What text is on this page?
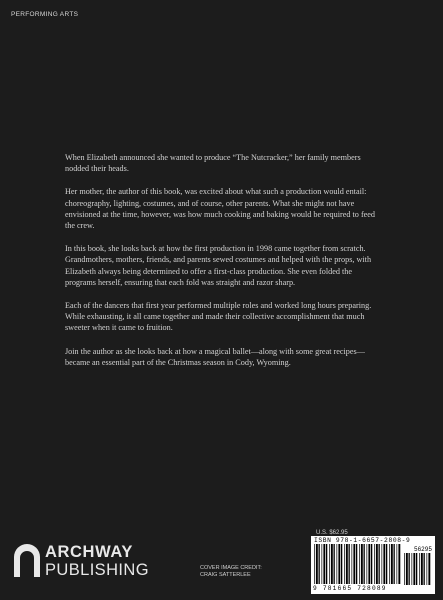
PERFORMING ARTS

When Elizabeth announced she wanted to produce “The Nutcracker,” her family members nodded their heads.

Her mother, the author of this book, was excited about what such a production would entail: choreography, lighting, costumes, and of course, other parents. What she might not have envisioned at the time, however, was how much cooking and baking would be required to feed the crew.

In this book, she looks back at how the first production in 1998 came together from scratch. Grandmothers, mothers, friends, and parents sewed costumes and helped with the props, with Elizabeth always being determined to offer a first-class production. She even folded the programs herself, ensuring that each fold was straight and razor sharp.

Each of the dancers that first year performed multiple roles and worked long hours preparing. While exhausting, it all came together and made their collective accomplishment that much sweeter when it came to fruition.

Join the author as she looks back at how a magical ballet—along with some great recipes—became an essential part of the Christmas season in Cody, Wyoming.

ARCHWAY
PUBLISHING	COVER IMAGE CREDIT:
CRAIG SATTERLEE
U.S. $62.95
ISBN 978-1-6657-2808-9
56295
9 781665 728089
